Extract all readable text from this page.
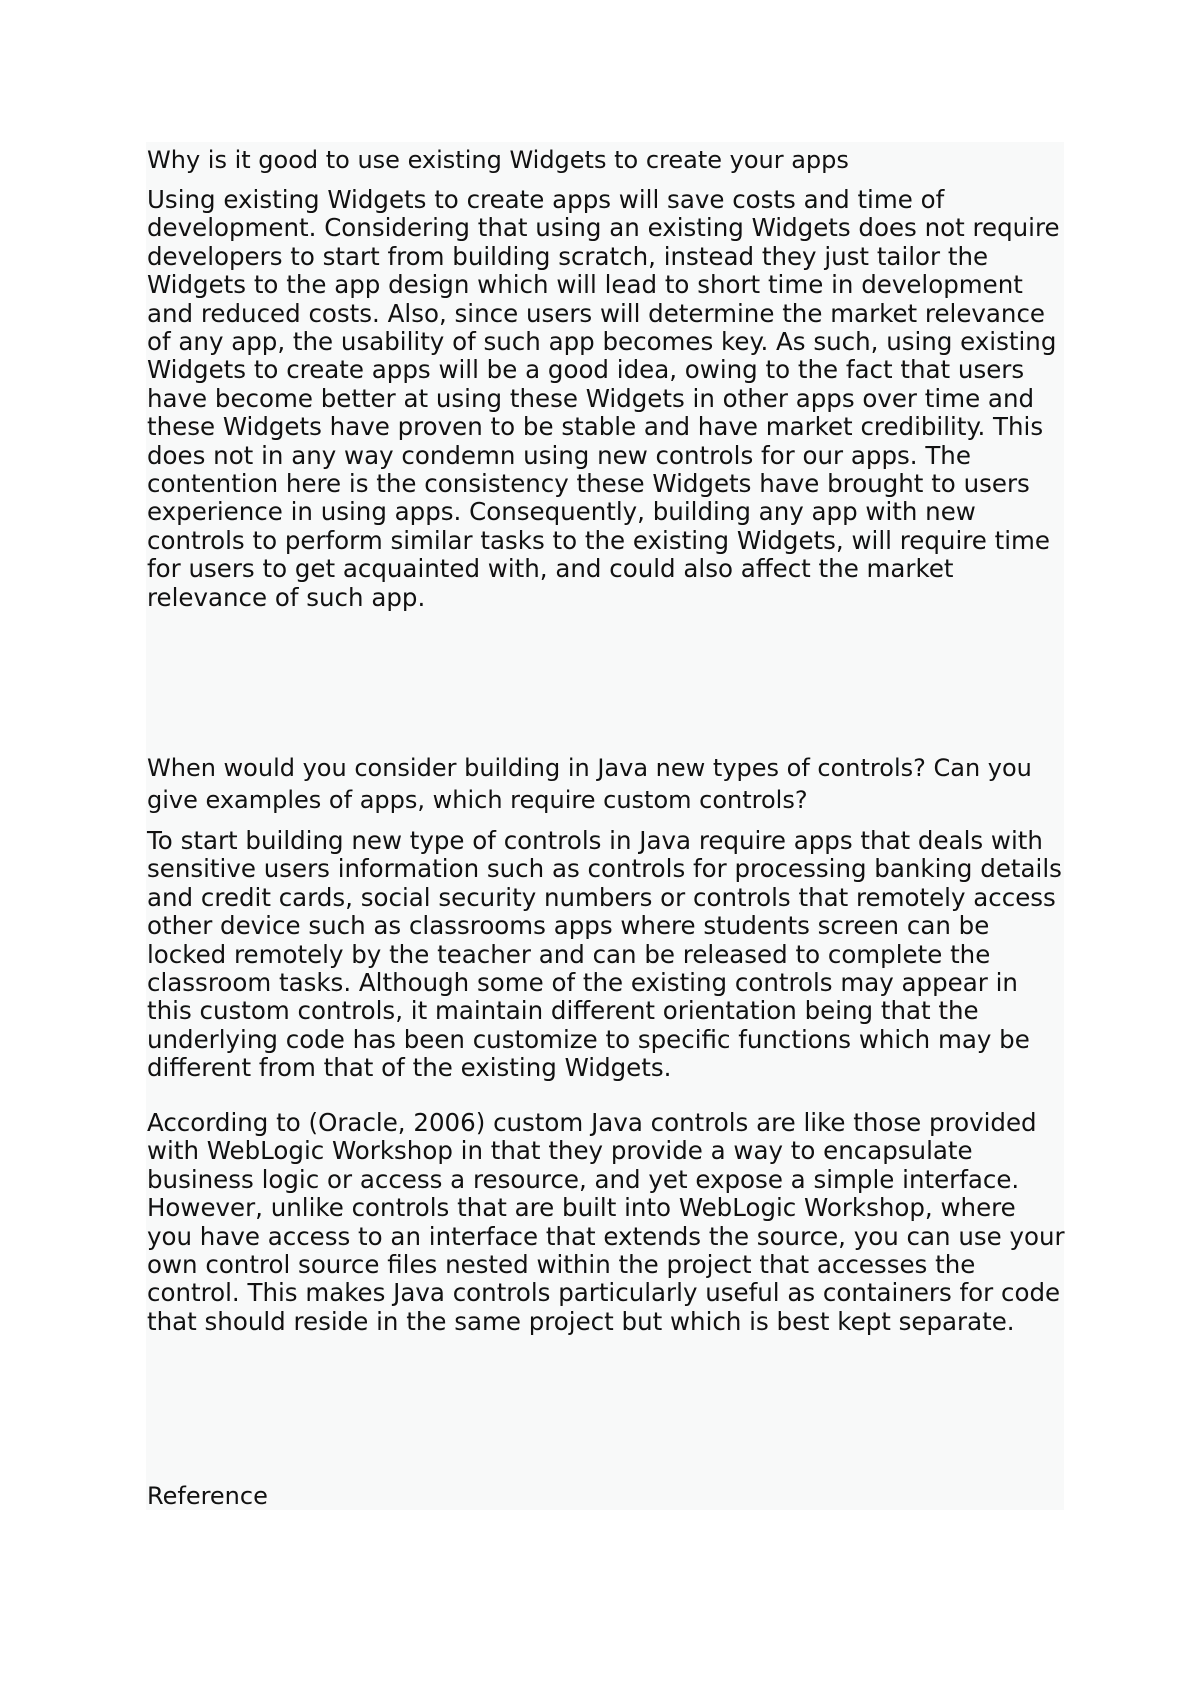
Why is it good to use existing Widgets to create your apps

Using existing Widgets to create apps will save costs and time of
development. Considering that using an existing Widgets does not require
developers to start from building scratch, instead they just tailor the
Widgets to the app design which will lead to short time in development
and reduced costs. Also, since users will determine the market relevance
of any app, the usability of such app becomes key. As such, using existing
Widgets to create apps will be a good idea, owing to the fact that users
have become better at using these Widgets in other apps over time and
these Widgets have proven to be stable and have market credibility. This
does not in any way condemn using new controls for our apps. The
contention here is the consistency these Widgets have brought to users
experience in using apps. Consequently, building any app with new
controls to perform similar tasks to the existing Widgets, will require time
for users to get acquainted with, and could also affect the market
relevance of such app.

When would you consider building in Java new types of controls? Can you
give examples of apps, which require custom controls?

To start building new type of controls in Java require apps that deals with
sensitive users information such as controls for processing banking details
and credit cards, social security numbers or controls that remotely access
other device such as classrooms apps where students screen can be
locked remotely by the teacher and can be released to complete the
classroom tasks. Although some of the existing controls may appear in
this custom controls, it maintain different orientation being that the
underlying code has been customize to specific functions which may be
different from that of the existing Widgets.

According to (Oracle, 2006) custom Java controls are like those provided
with WebLogic Workshop in that they provide a way to encapsulate
business logic or access a resource, and yet expose a simple interface.
However, unlike controls that are built into WebLogic Workshop, where
you have access to an interface that extends the source, you can use your
own control source files nested within the project that accesses the
control. This makes Java controls particularly useful as containers for code
that should reside in the same project but which is best kept separate.

Reference
